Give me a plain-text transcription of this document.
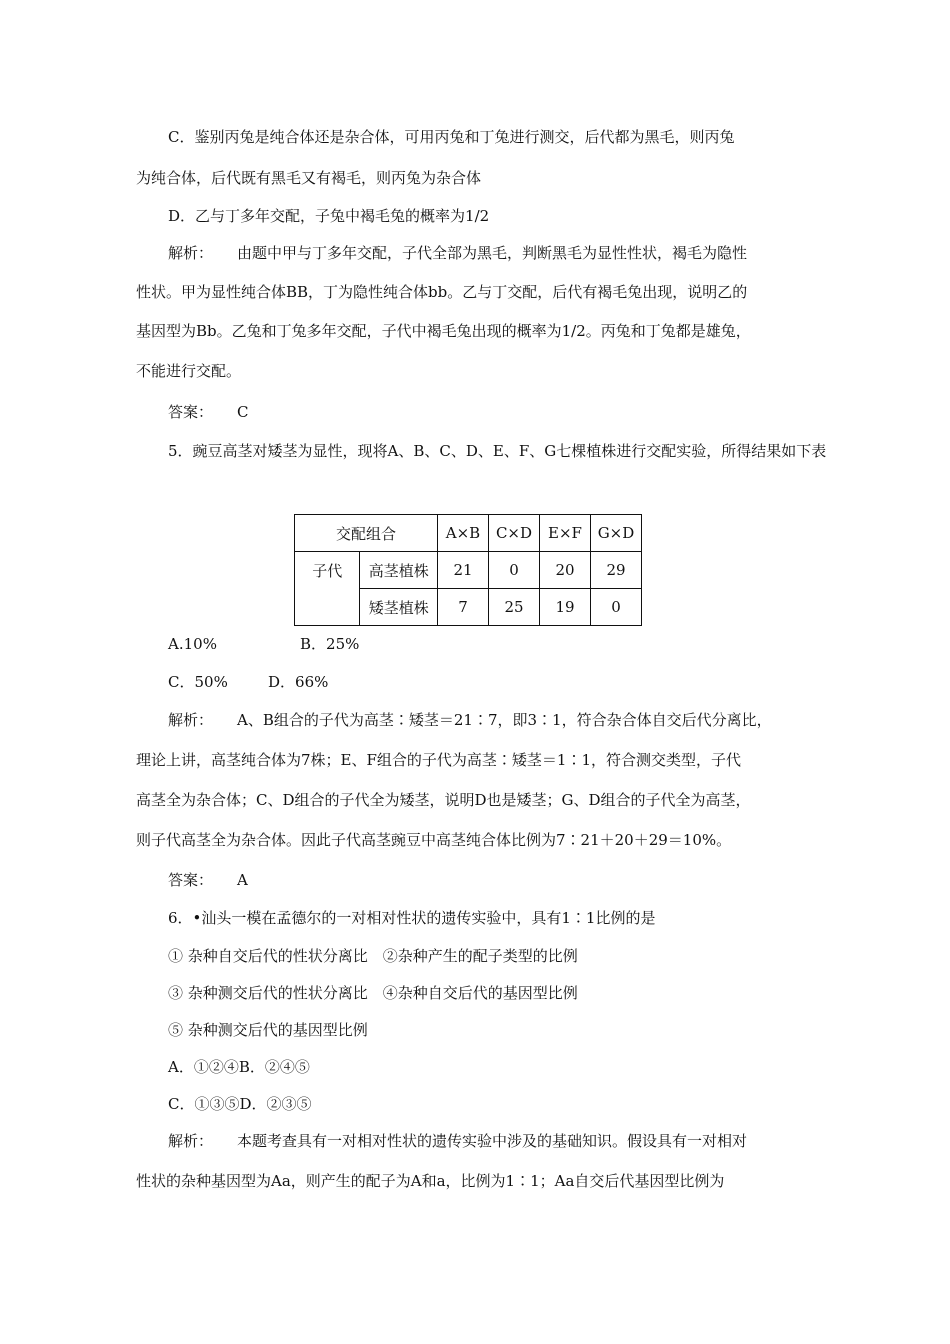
C．鉴别丙兔是纯合体还是杂合体，可用丙兔和丁兔进行测交，后代都为黑毛，则丙兔
为纯合体，后代既有黑毛又有褐毛，则丙兔为杂合体
D．乙与丁多年交配，子兔中褐毛兔的概率为1/2
解析： 由题中甲与丁多年交配，子代全部为黑毛，判断黑毛为显性性状，褐毛为隐性
性状。甲为显性纯合体BB，丁为隐性纯合体bb。乙与丁交配，后代有褐毛兔出现，说明乙的
基因型为Bb。乙兔和丁兔多年交配，子代中褐毛兔出现的概率为1/2。丙兔和丁兔都是雄兔，
不能进行交配。
答案： C
5．豌豆高茎对矮茎为显性，现将A、B、C、D、E、F、G七棵植株进行交配实验，所得结果如下表
交配组合		A×B	C×D	E×F	G×D
子代	高茎植株	21	0	20	29
	矮茎植株	7	25	19	0
A.10%	B．25%
C．50%	D．66%
解析： A、B组合的子代为高茎∶矮茎＝21∶7，即3∶1，符合杂合体自交后代分离比，
理论上讲，高茎纯合体为7株；E、F组合的子代为高茎∶矮茎＝1∶1，符合测交类型，子代
高茎全为杂合体；C、D组合的子代全为矮茎，说明D也是矮茎；G、D组合的子代全为高茎，
则子代高茎全为杂合体。因此子代高茎豌豆中高茎纯合体比例为7∶21＋20＋29＝10%。
答案： A
6．•汕头一模在孟德尔的一对相对性状的遗传实验中，具有1∶1比例的是
① 杂种自交后代的性状分离比　②杂种产生的配子类型的比例
③ 杂种测交后代的性状分离比　④杂种自交后代的基因型比例
⑤ 杂种测交后代的基因型比例
A．①②④B．②④⑤
C．①③⑤D．②③⑤
解析： 本题考查具有一对相对性状的遗传实验中涉及的基础知识。假设具有一对相对
性状的杂种基因型为Aa，则产生的配子为A和a，比例为1∶1；Aa自交后代基因型比例为
